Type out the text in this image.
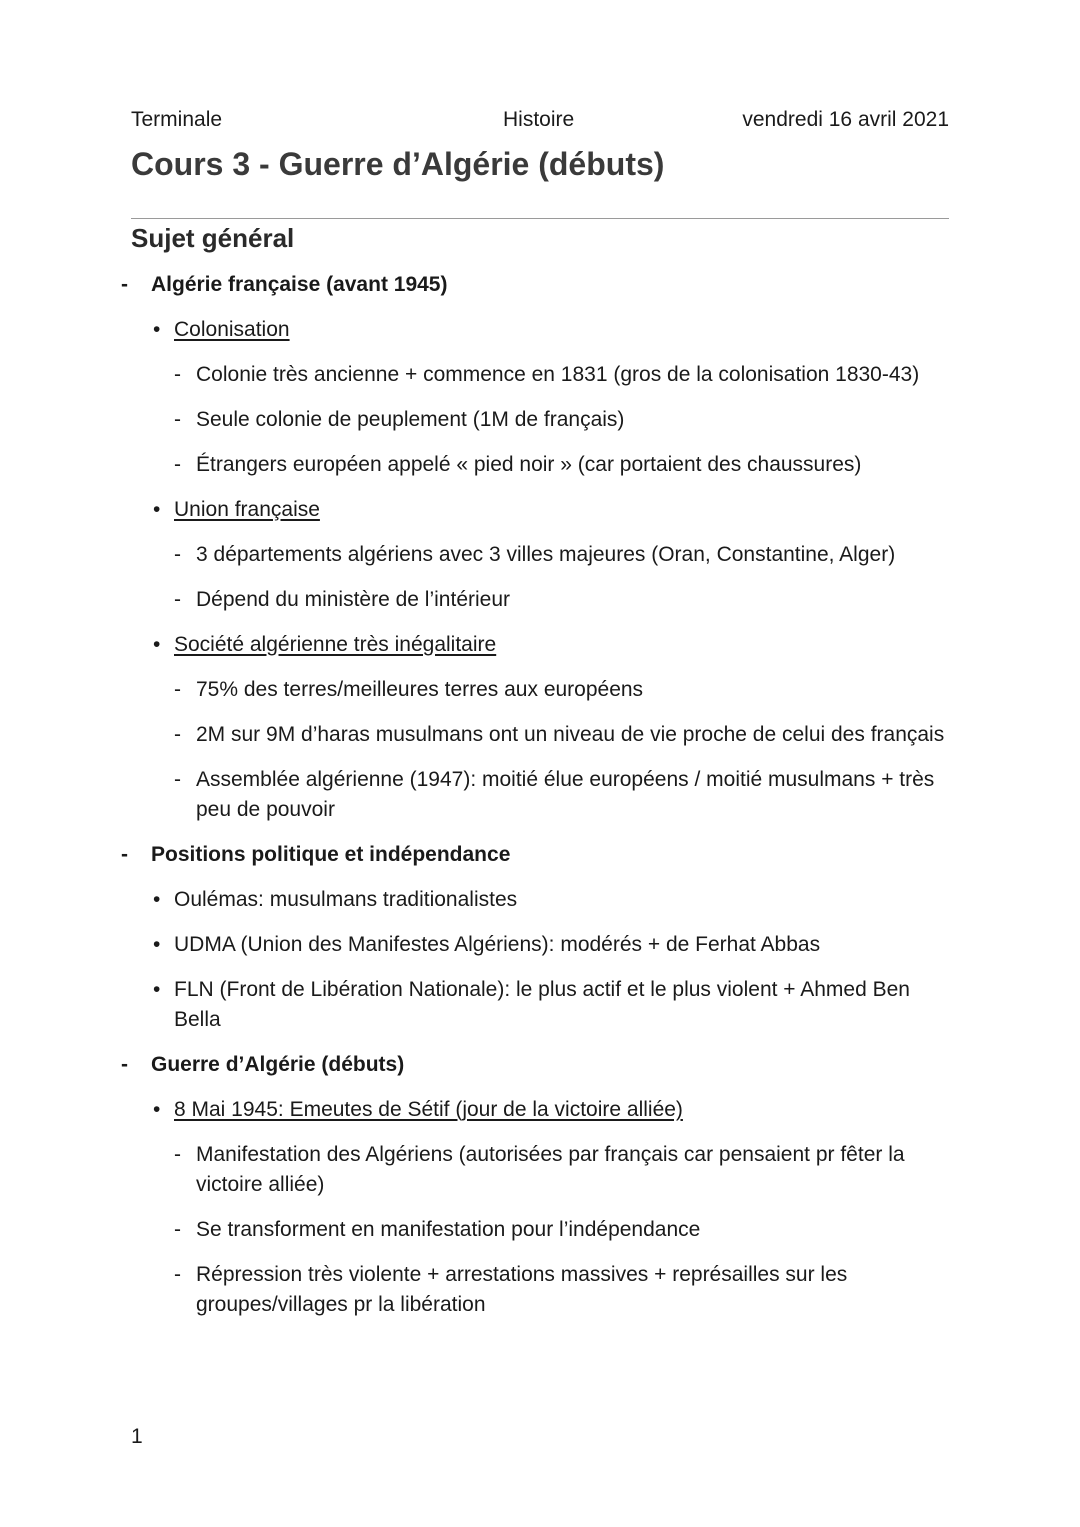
Terminale	Histoire	vendredi 16 avril 2021
Cours 3 - Guerre d’Algérie (débuts)
Sujet général
- Algérie française (avant 1945)
• Colonisation
- Colonie très ancienne + commence en 1831 (gros de la colonisation 1830-43)
- Seule colonie de peuplement (1M de français)
- Étrangers européen appelé « pied noir » (car portaient des chaussures)
• Union française
- 3 départements algériens avec 3 villes majeures (Oran, Constantine, Alger)
- Dépend du ministère de l’intérieur
• Société algérienne très inégalitaire
- 75% des terres/meilleures terres aux européens
- 2M sur 9M d’haras musulmans ont un niveau de vie proche de celui des français
- Assemblée algérienne (1947): moitié élue européens / moitié musulmans + très peu de pouvoir
- Positions politique et indépendance
• Oulémas: musulmans traditionalistes
• UDMA (Union des Manifestes Algériens): modérés + de Ferhat Abbas
• FLN (Front de Libération Nationale): le plus actif et le plus violent + Ahmed Ben Bella
- Guerre d’Algérie (débuts)
• 8 Mai 1945: Emeutes de Sétif (jour de la victoire alliée)
- Manifestation des Algériens (autorisées par français car pensaient pr fêter la victoire alliée)
- Se transforment en manifestation pour l’indépendance
- Répression très violente + arrestations massives + représailles sur les groupes/villages pr la libération
1
